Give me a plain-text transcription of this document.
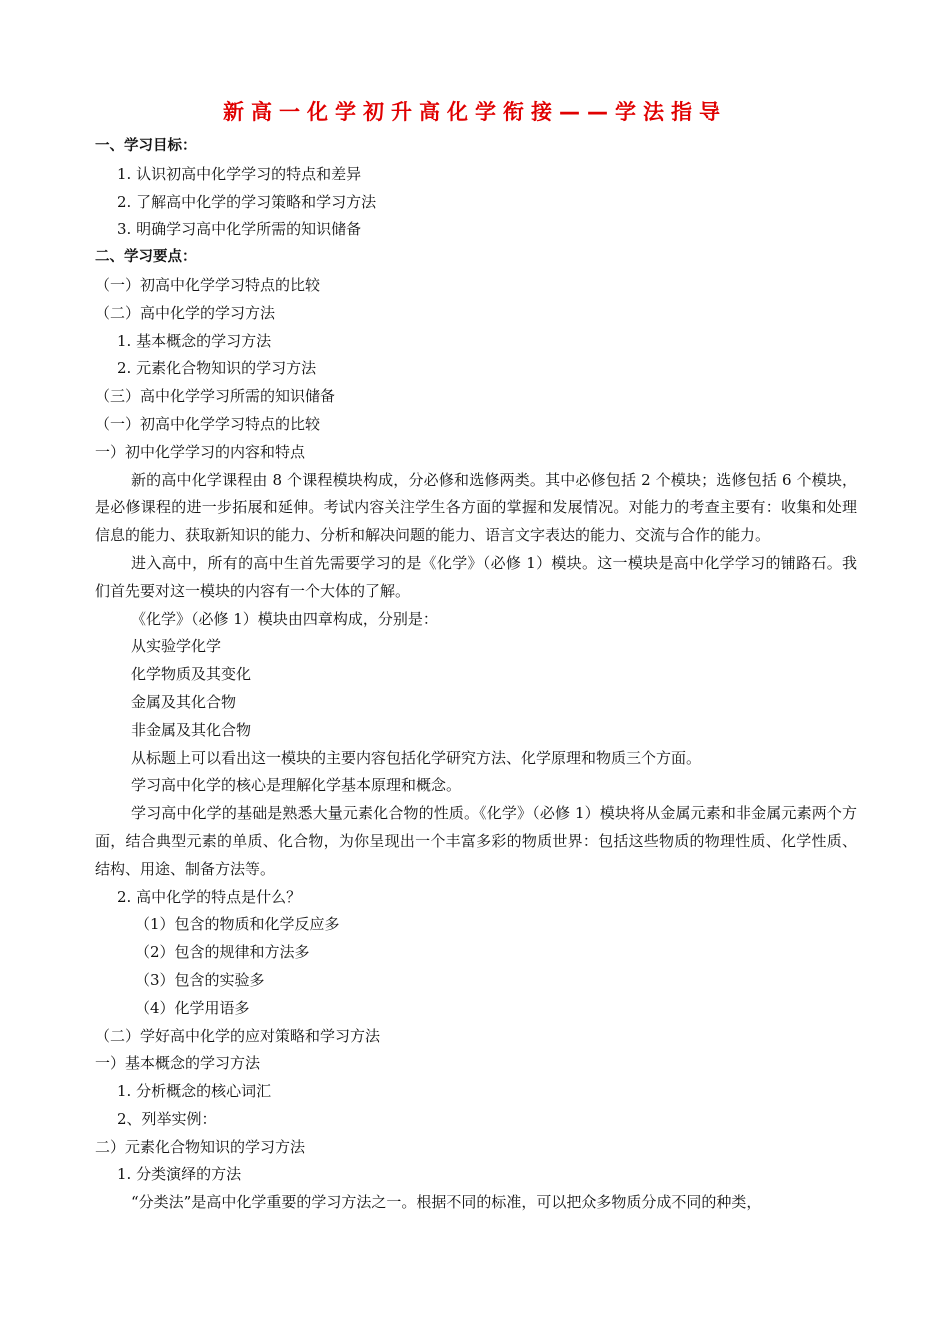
新高一化学初升高化学衔接——学法指导

一、学习目标：

1. 认识初高中化学学习的特点和差异

2. 了解高中化学的学习策略和学习方法

3. 明确学习高中化学所需的知识储备

二、学习要点：

（一）初高中化学学习特点的比较

（二）高中化学的学习方法

1. 基本概念的学习方法

2. 元素化合物知识的学习方法

（三）高中化学学习所需的知识储备

（一）初高中化学学习特点的比较

一）初中化学学习的内容和特点

新的高中化学课程由 8 个课程模块构成，分必修和选修两类。其中必修包括 2 个模块；选修包括 6 个模块，是必修课程的进一步拓展和延伸。考试内容关注学生各方面的掌握和发展情况。对能力的考查主要有：收集和处理信息的能力、获取新知识的能力、分析和解决问题的能力、语言文字表达的能力、交流与合作的能力。

进入高中，所有的高中生首先需要学习的是《化学》（必修 1）模块。这一模块是高中化学学习的铺路石。我们首先要对这一模块的内容有一个大体的了解。

《化学》（必修 1）模块由四章构成，分别是：

从实验学化学

化学物质及其变化

金属及其化合物

非金属及其化合物

从标题上可以看出这一模块的主要内容包括化学研究方法、化学原理和物质三个方面。

学习高中化学的核心是理解化学基本原理和概念。

学习高中化学的基础是熟悉大量元素化合物的性质。《化学》（必修 1）模块将从金属元素和非金属元素两个方面，结合典型元素的单质、化合物，为你呈现出一个丰富多彩的物质世界：包括这些物质的物理性质、化学性质、结构、用途、制备方法等。

2. 高中化学的特点是什么？

（1）包含的物质和化学反应多

（2）包含的规律和方法多

（3）包含的实验多

（4）化学用语多

（二）学好高中化学的应对策略和学习方法

一）基本概念的学习方法

1. 分析概念的核心词汇

2、列举实例：

二）元素化合物知识的学习方法

1. 分类演绎的方法

“分类法”是高中化学重要的学习方法之一。根据不同的标准，可以把众多物质分成不同的种类，
